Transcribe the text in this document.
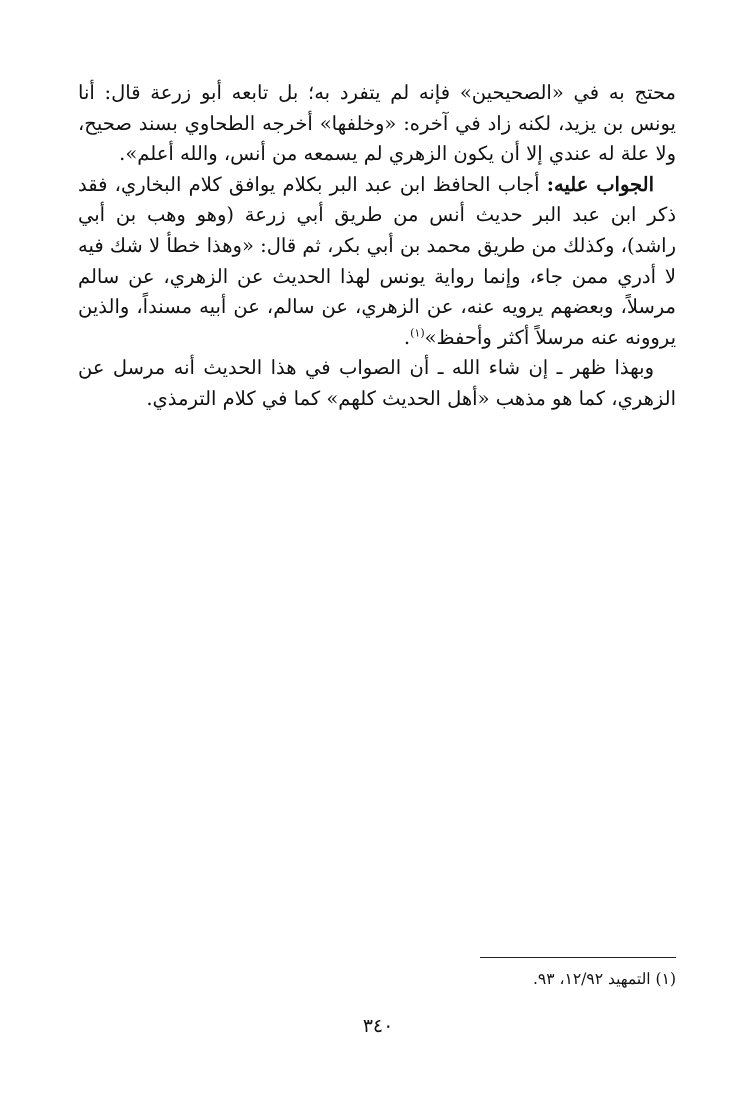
محتج به في «الصحيحين» فإنه لم يتفرد به؛ بل تابعه أبو زرعة قال: أنا يونس بن يزيد، لكنه زاد في آخره: «وخلفها» أخرجه الطحاوي بسند صحيح، ولا علة له عندي إلا أن يكون الزهري لم يسمعه من أنس، والله أعلم».

الجواب عليه: أجاب الحافظ ابن عبد البر بكلام يوافق كلام البخاري، فقد ذكر ابن عبد البر حديث أنس من طريق أبي زرعة (وهو وهب بن أبي راشد)، وكذلك من طريق محمد بن أبي بكر، ثم قال: «وهذا خطأ لا شك فيه لا أدري ممن جاء، وإنما رواية يونس لهذا الحديث عن الزهري، عن سالم مرسلاً، وبعضهم يرويه عنه، عن الزهري، عن سالم، عن أبيه مسنداً، والذين يروونه عنه مرسلاً أكثر وأحفظ»$^{(١)}$.

وبهذا ظهر ـ إن شاء الله ـ أن الصواب في هذا الحديث أنه مرسل عن الزهري، كما هو مذهب «أهل الحديث كلهم» كما في كلام الترمذي.

(١) التمهيد ١٢/٩٢، ٩٣.

٣٤٠
